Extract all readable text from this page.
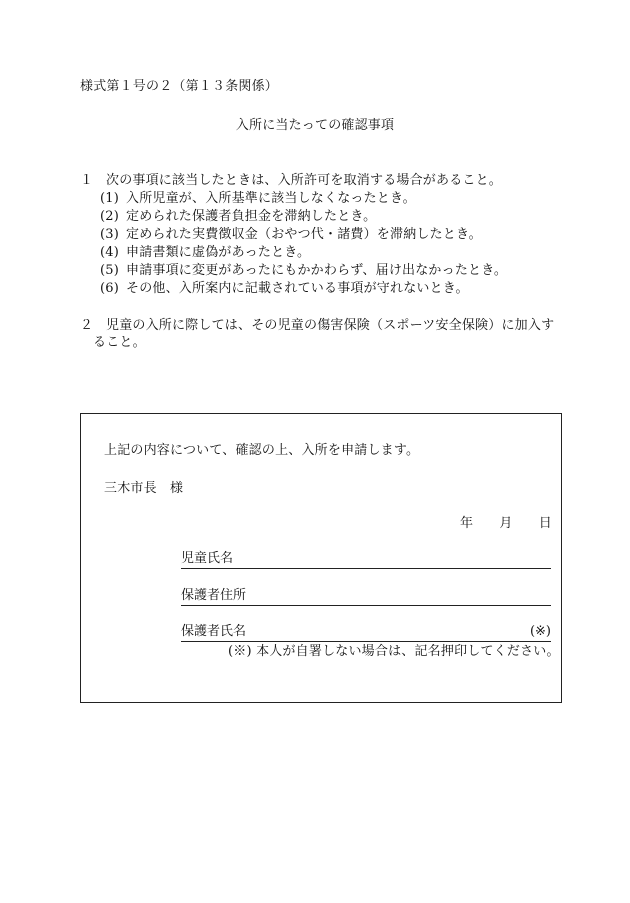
様式第１号の２（第１３条関係）
入所に当たっての確認事項
１ 次の事項に該当したときは、入所許可を取消する場合があること。
(1) 入所児童が、入所基準に該当しなくなったとき。
(2) 定められた保護者負担金を滞納したとき。
(3) 定められた実費徴収金（おやつ代・諸費）を滞納したとき。
(4) 申請書類に虚偽があったとき。
(5) 申請事項に変更があったにもかかわらず、届け出なかったとき。
(6) その他、入所案内に記載されている事項が守れないとき。
２ 児童の入所に際しては、その児童の傷害保険（スポーツ安全保険）に加入す
ること。
上記の内容について、確認の上、入所を申請します。
三木市長　様
年 月 日
児童氏名
保護者住所
保護者氏名	(※)
(※) 本人が自署しない場合は、記名押印してください。
